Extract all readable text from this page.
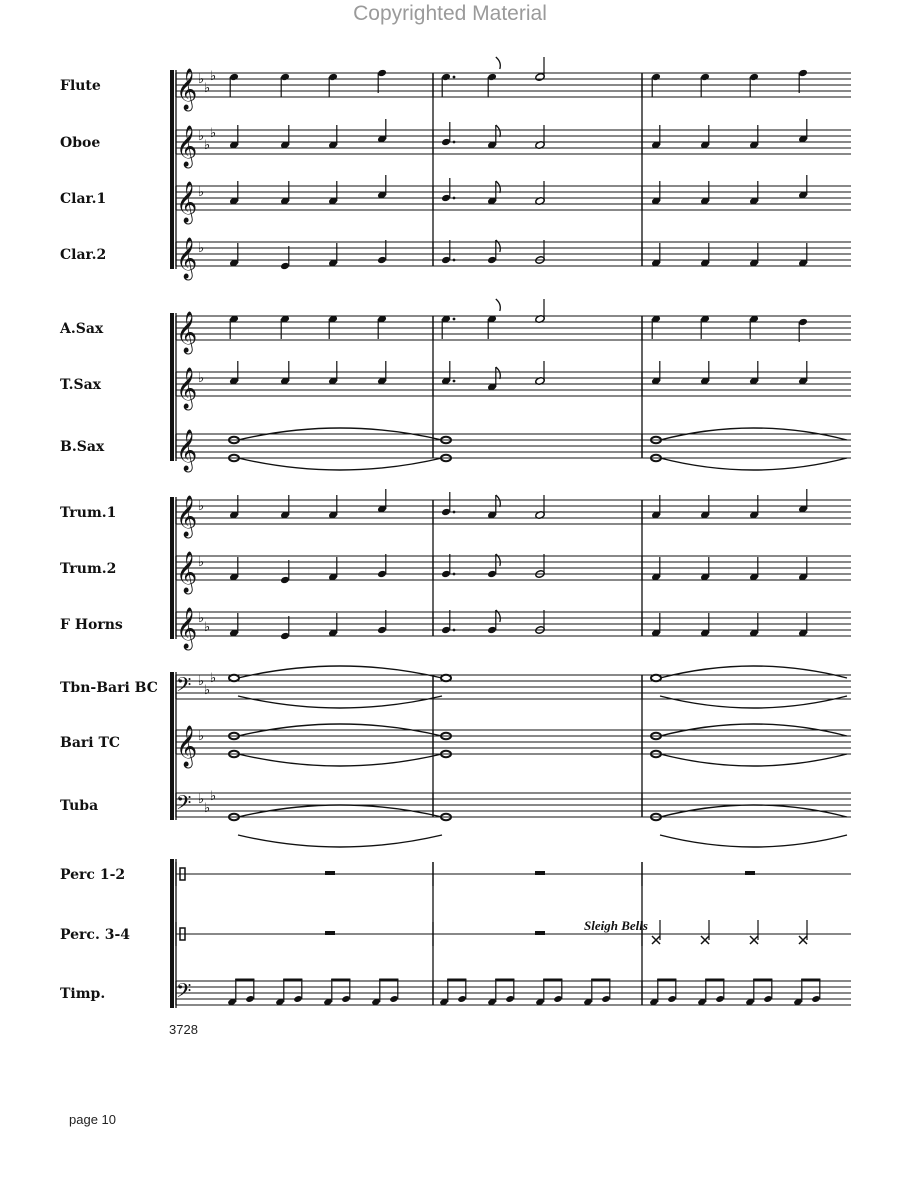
Copyrighted Material
Flute 𝄞 ♭
♭
♭
Oboe 𝄞 ♭
♭
♭
Clar.1 𝄞 ♭
Clar.2 𝄞 ♭
A.Sax 𝄞
T.Sax 𝄞 ♭
B.Sax 𝄞
Trum.1 𝄞 ♭
Trum.2 𝄞 ♭
F Horns 𝄞 ♭
♭
Tbn-Bari BC 𝄢 ♭
♭
♭
Bari TC 𝄞 ♭
Tuba	𝄢 ♭
♭
♭
Perc 1-2
Perc. 3-4
Timp.	𝄢
Sleigh Bells
3728
page 10
